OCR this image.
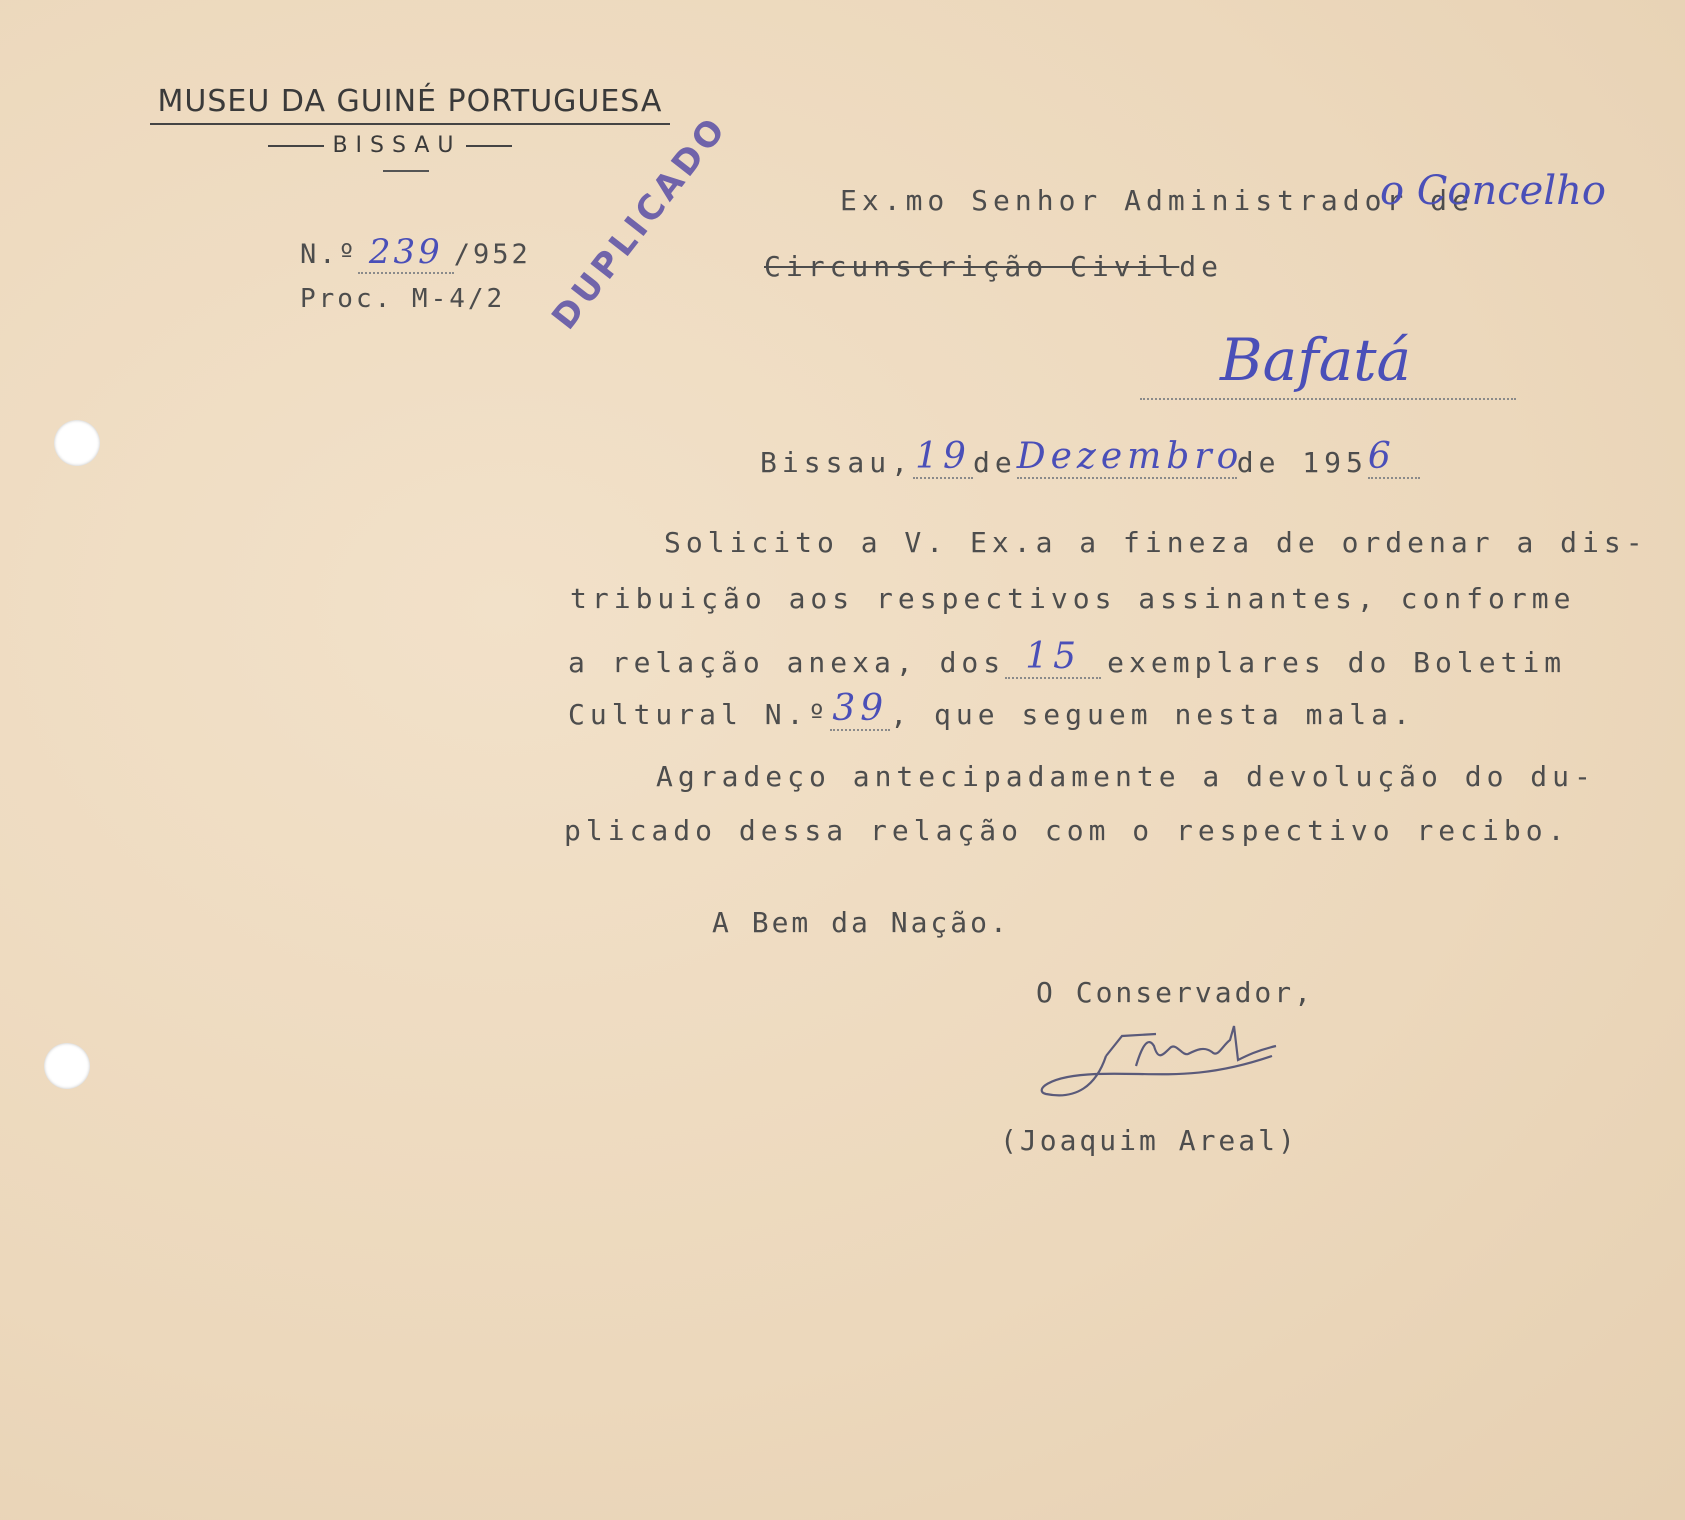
MUSEU DA GUINÉ PORTUGUESA
BISSAU
N.º 239 /952
Proc. M-4/2 DUPLICADO	Ex.mo Senhor Administrador de
o Concelho
Circunscrição Civilde
Bafatá
Bissau, 19 de Dezembro
de 195 6
Solicito a V. Ex.a a fineza de ordenar a dis-
tribuição aos respectivos assinantes, conforme
a relação anexa, dos 15 exemplares do Boletim
Cultural N.º 39 , que seguem nesta mala.
Agradeço antecipadamente a devolução do du-
plicado dessa relação com o respectivo recibo.
A Bem da Nação.
O Conservador,
(Joaquim Areal)
